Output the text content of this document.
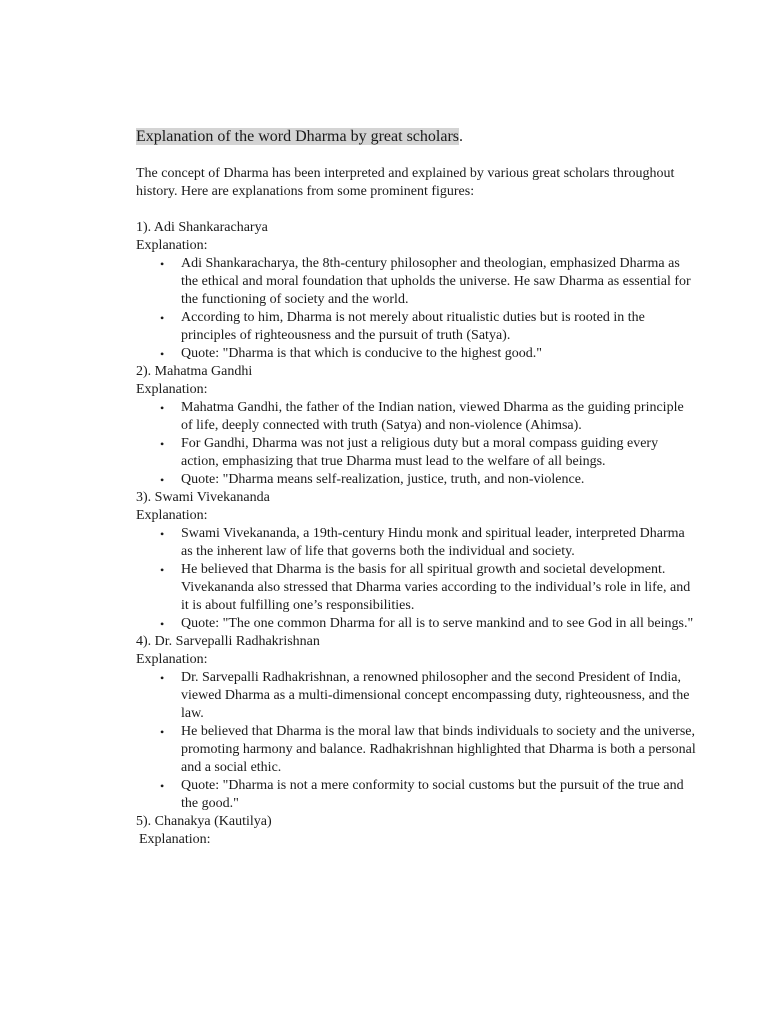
Explanation of the word Dharma by great scholars.

The concept of Dharma has been interpreted and explained by various great scholars throughout history. Here are explanations from some prominent figures:

1). Adi Shankaracharya

Explanation:

• Adi Shankaracharya, the 8th-century philosopher and theologian, emphasized Dharma as the ethical and moral foundation that upholds the universe. He saw Dharma as essential for the functioning of society and the world.
• According to him, Dharma is not merely about ritualistic duties but is rooted in the principles of righteousness and the pursuit of truth (Satya).
• Quote: "Dharma is that which is conducive to the highest good."

2). Mahatma Gandhi

Explanation:

• Mahatma Gandhi, the father of the Indian nation, viewed Dharma as the guiding principle of life, deeply connected with truth (Satya) and non-violence (Ahimsa).
• For Gandhi, Dharma was not just a religious duty but a moral compass guiding every action, emphasizing that true Dharma must lead to the welfare of all beings.
• Quote: "Dharma means self-realization, justice, truth, and non-violence.

3). Swami Vivekananda

Explanation:

• Swami Vivekananda, a 19th-century Hindu monk and spiritual leader, interpreted Dharma as the inherent law of life that governs both the individual and society.
• He believed that Dharma is the basis for all spiritual growth and societal development. Vivekananda also stressed that Dharma varies according to the individual’s role in life, and it is about fulfilling one’s responsibilities.
• Quote: "The one common Dharma for all is to serve mankind and to see God in all beings."

4). Dr. Sarvepalli Radhakrishnan

Explanation:

• Dr. Sarvepalli Radhakrishnan, a renowned philosopher and the second President of India, viewed Dharma as a multi-dimensional concept encompassing duty, righteousness, and the law.
• He believed that Dharma is the moral law that binds individuals to society and the universe, promoting harmony and balance. Radhakrishnan highlighted that Dharma is both a personal and a social ethic.
• Quote: "Dharma is not a mere conformity to social customs but the pursuit of the true and the good."

5). Chanakya (Kautilya)

Explanation:
